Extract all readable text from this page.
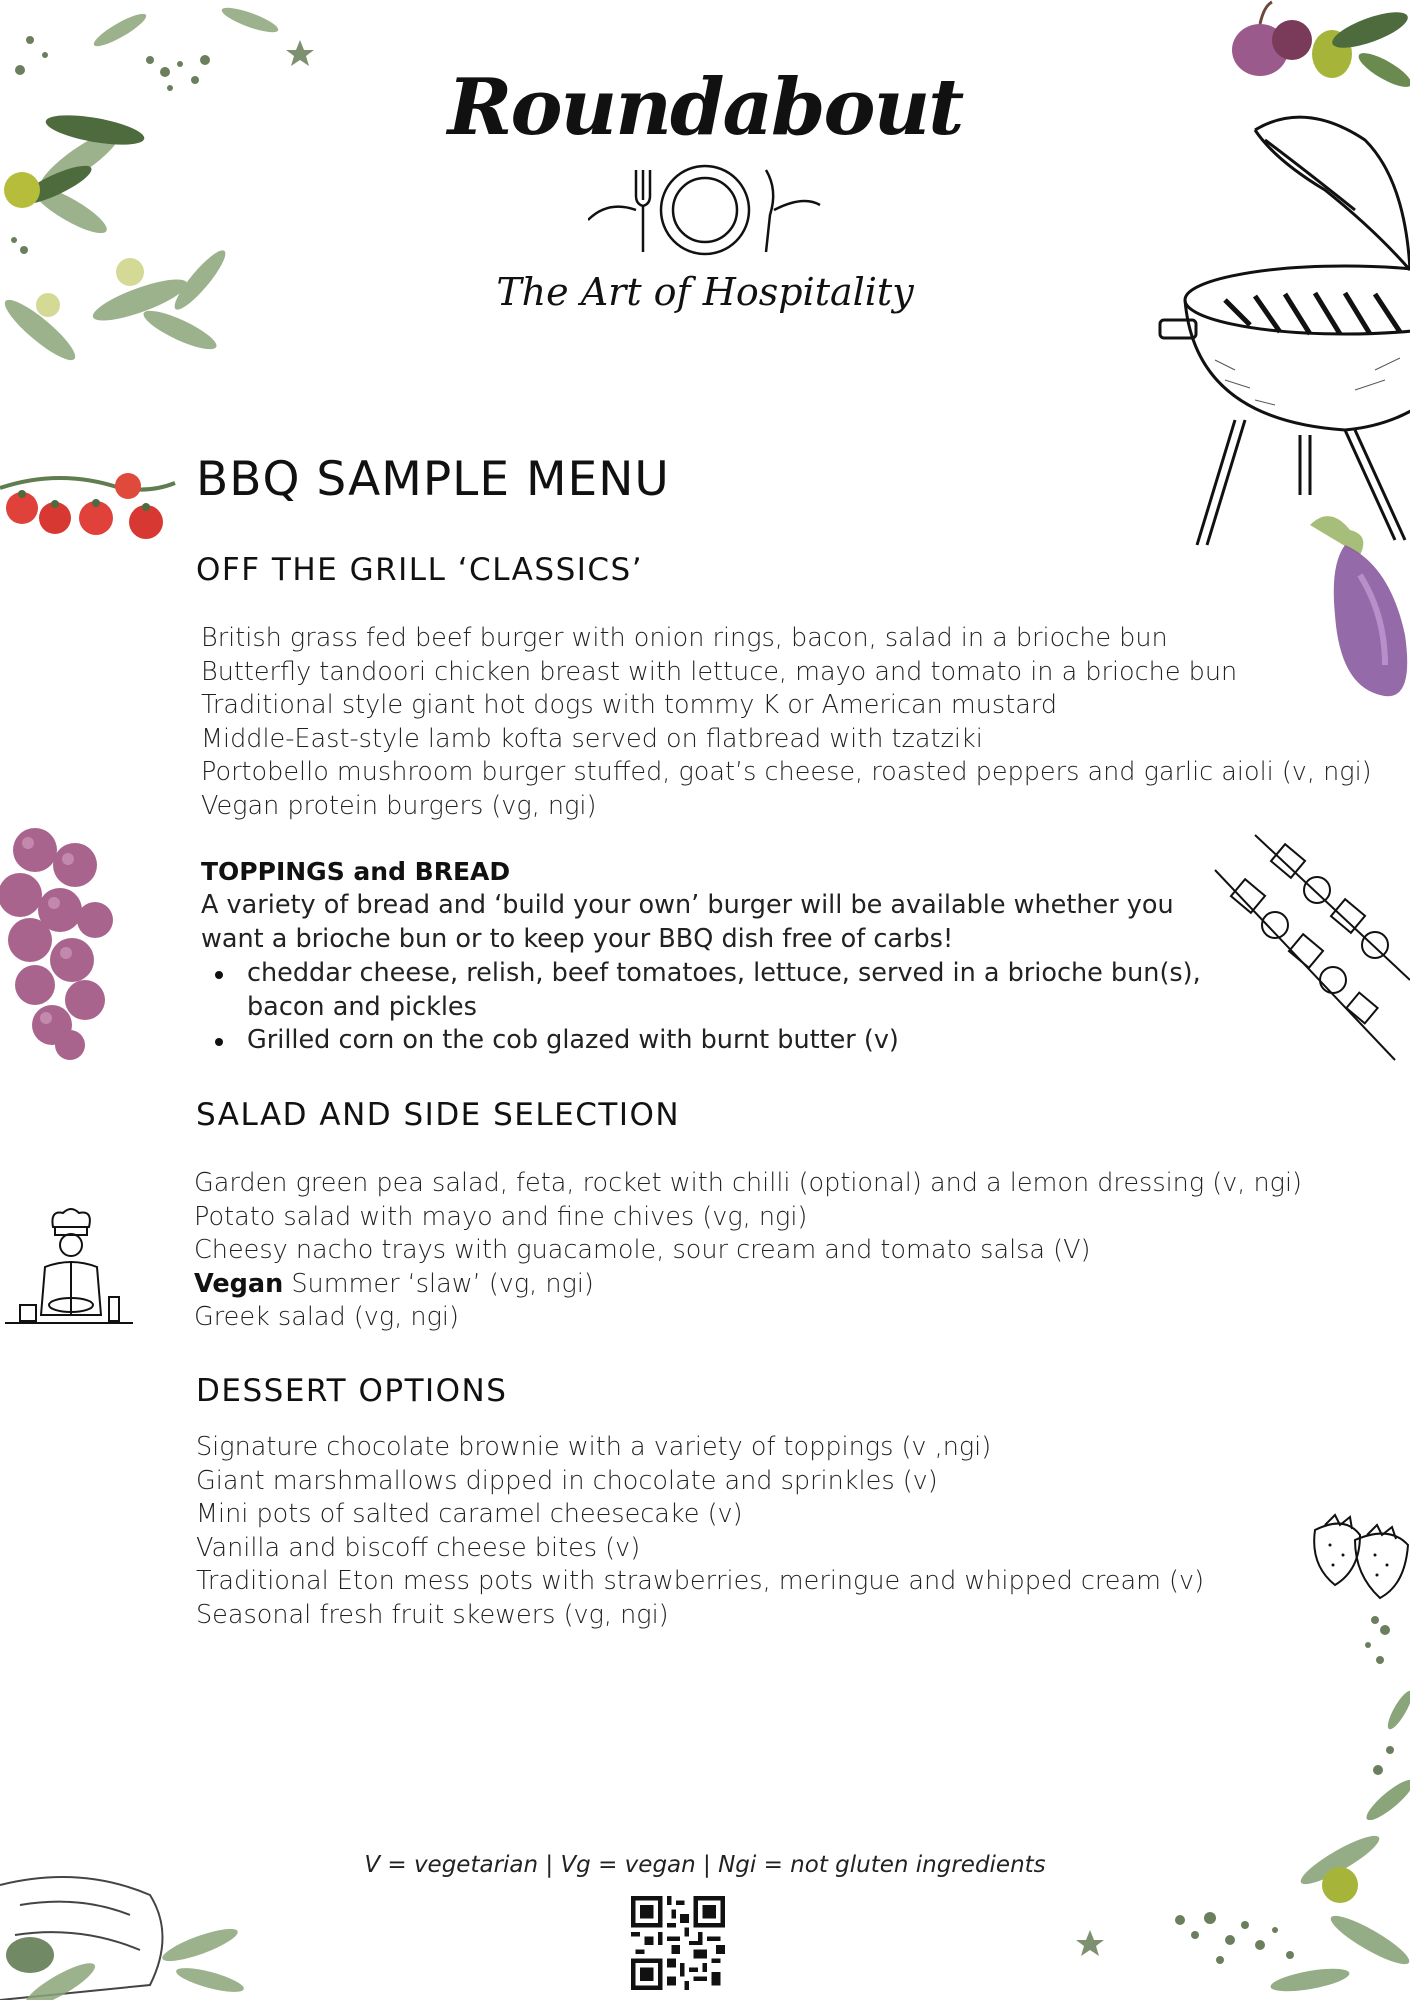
Roundabout
The Art of Hospitality
BBQ SAMPLE MENU
OFF THE GRILL ‘CLASSICS’
British grass fed beef burger with onion rings, bacon, salad in a brioche bun
Butterfly tandoori chicken breast with lettuce, mayo and tomato in a brioche bun
Traditional style giant hot dogs with tommy K or American mustard
Middle-East-style lamb kofta served on flatbread with tzatziki
Portobello mushroom burger stuffed, goat’s cheese, roasted peppers and garlic aioli (v, ngi)
Vegan protein burgers (vg, ngi)
TOPPINGS and BREAD
A variety of bread and ‘build your own’ burger will be available whether you want a brioche bun or to keep your BBQ dish free of carbs!
cheddar cheese, relish, beef tomatoes, lettuce, served in a brioche bun(s), bacon and pickles
Grilled corn on the cob glazed with burnt butter (v)
SALAD AND SIDE SELECTION
Garden green pea salad, feta, rocket with chilli (optional) and a lemon dressing (v, ngi)
Potato salad with mayo and fine chives (vg, ngi)
Cheesy nacho trays with guacamole, sour cream and tomato salsa (V)
Vegan Summer ‘slaw’ (vg, ngi)
Greek salad (vg, ngi)
DESSERT OPTIONS
Signature chocolate brownie with a variety of toppings (v ,ngi)
Giant marshmallows dipped in chocolate and sprinkles (v)
Mini pots of salted caramel cheesecake (v)
Vanilla and biscoff cheese bites (v)
Traditional Eton mess pots with strawberries, meringue and whipped cream (v)
Seasonal fresh fruit skewers (vg, ngi)
V = vegetarian | Vg = vegan | Ngi = not gluten ingredients
